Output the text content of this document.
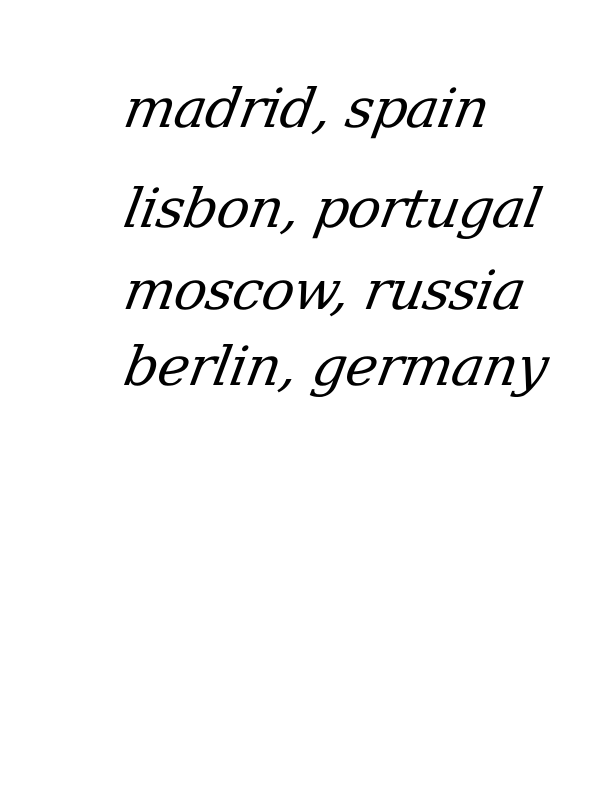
madrid, spain
lisbon, portugal
moscow, russia
berlin, germany
